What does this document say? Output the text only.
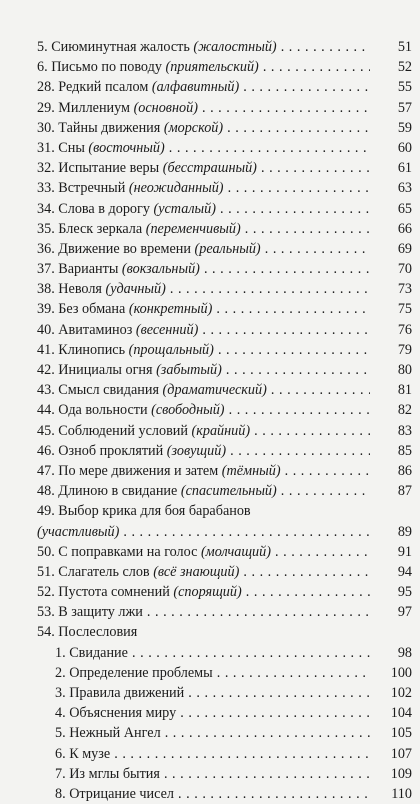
5. Сиюминутная жалость (жалостный) . . .	51
6. Письмо по поводу (приятельский) . . .	52
28. Редкий псалом (алфавитный) . . .	55
29. Миллениум (основной) . . .	57
30. Тайны движения (морской) . . .	59
31. Сны (восточный) . . .	60
32. Испытание веры (бесстрашный) . . .	61
33. Встречный (неожиданный) . . .	63
34. Слова в дорогу (усталый) . . .	65
35. Блеск зеркала (переменчивый) . . .	66
36. Движение во времени (реальный) . . .	69
37. Варианты (вокзальный) . . .	70
38. Неволя (удачный) . . .	73
39. Без обмана (конкретный) . . .	75
40. Авитаминоз (весенний) . . .	76
41. Клинопись (прощальный) . . .	79
42. Инициалы огня (забытый) . . .	80
43. Смысл свидания (драматический) . . .	81
44. Ода вольности (свободный) . . .	82
45. Соблюдений условий (крайний) . . .	83
46. Озноб проклятий (зовущий) . . .	85
47. По мере движения и затем (тёмный) . . .	86
48. Длиною в свидание (спасительный) . . .	87
49. Выбор крика для боя барабанов
(участливый) . . .	89
50. С поправками на голос (молчащий) . . .	91
51. Слагатель слов (всё знающий) . . .	94
52. Пустота сомнений (спорящий) . . .	95
53. В защиту лжи . . .	97
54. Послесловия
1. Свидание . . .	98
2. Определение проблемы . . .	100
3. Правила движений . . .	102
4. Объяснения миру . . .	104
5. Нежный Ангел . . .	105
6. К музе . . .	107
7. Из мглы бытия . . .	109
8. Отрицание чисел . . .	110
